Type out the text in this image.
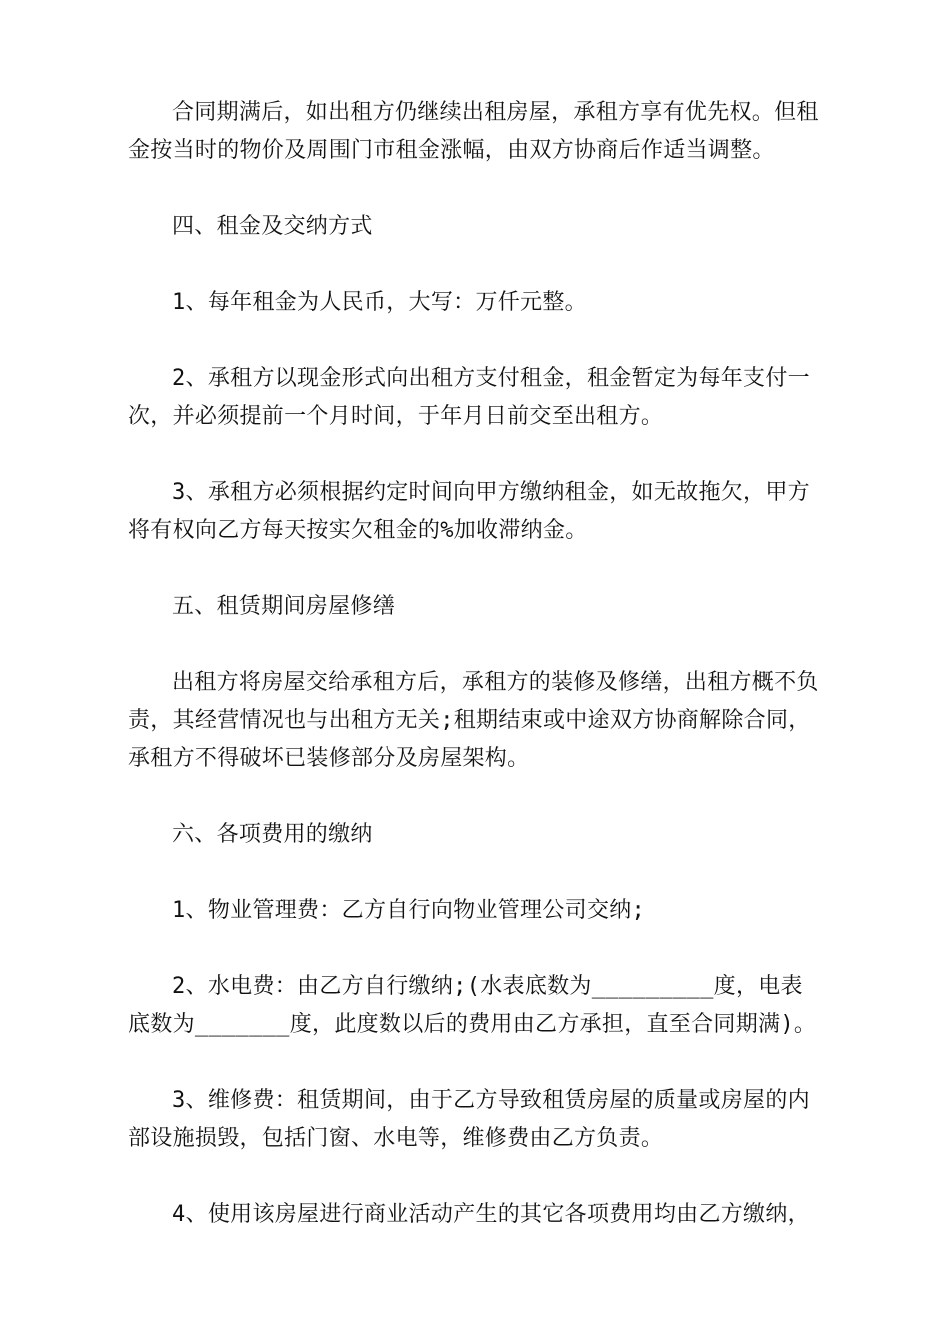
合同期满后，如出租方仍继续出租房屋，承租方享有优先权。但租金按当时的物价及周围门市租金涨幅，由双方协商后作适当调整。

四、租金及交纳方式

1、每年租金为人民币，大写：万仟元整。

2、承租方以现金形式向出租方支付租金，租金暂定为每年支付一次，并必须提前一个月时间，于年月日前交至出租方。

3、承租方必须根据约定时间向甲方缴纳租金，如无故拖欠，甲方将有权向乙方每天按实欠租金的%加收滞纳金。

五、租赁期间房屋修缮

出租方将房屋交给承租方后，承租方的装修及修缮，出租方概不负责，其经营情况也与出租方无关;租期结束或中途双方协商解除合同，承租方不得破坏已装修部分及房屋架构。

六、各项费用的缴纳

1、物业管理费：乙方自行向物业管理公司交纳;

2、水电费：由乙方自行缴纳;(水表底数为_________度，电表底数为_______度，此度数以后的费用由乙方承担，直至合同期满)。

3、维修费：租赁期间，由于乙方导致租赁房屋的质量或房屋的内部设施损毁，包括门窗、水电等，维修费由乙方负责。

4、使用该房屋进行商业活动产生的其它各项费用均由乙方缴纳，
